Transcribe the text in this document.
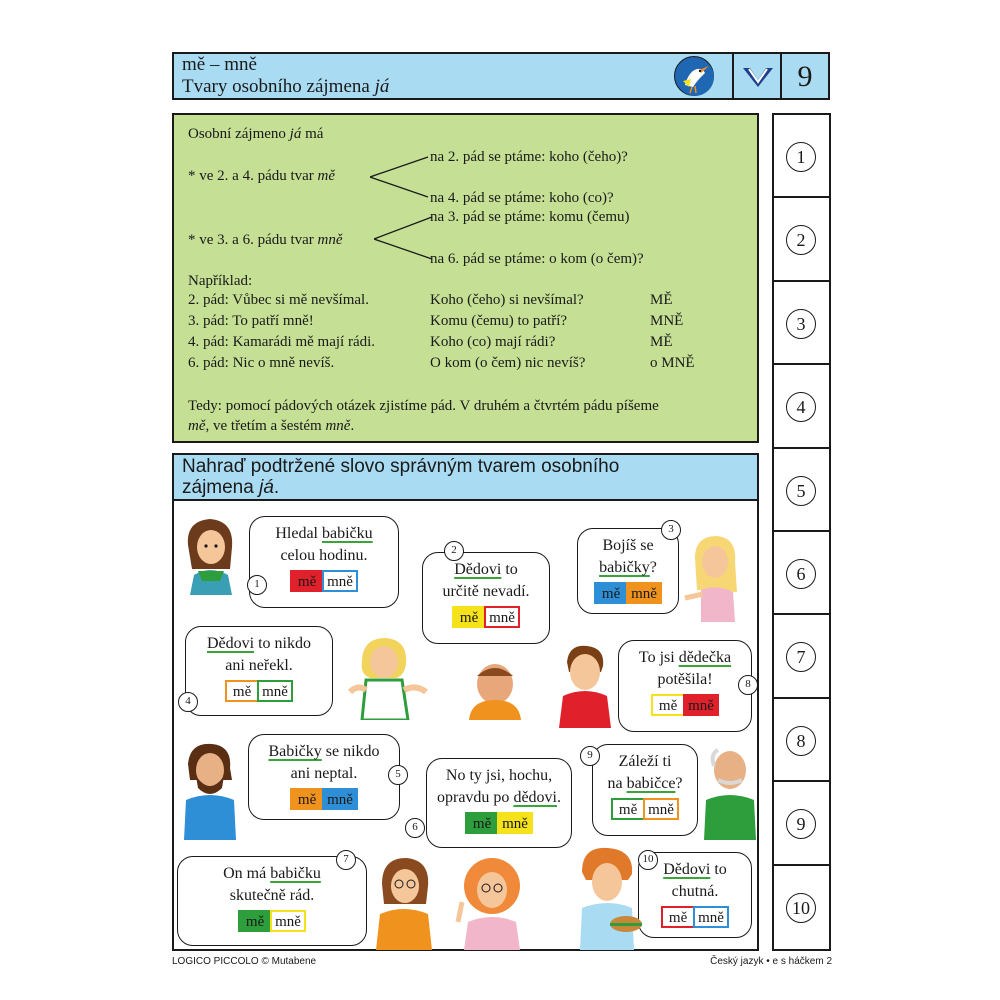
mě – mně
Tvary osobního zájmena já	9
1
2
3
4
5
6
7
8
9
10
Osobní zájmeno já má
* ve 2. a 4. pádu tvar mě
na 2. pád se ptáme: koho (čeho)?
na 4. pád se ptáme: koho (co)?
* ve 3. a 6. pádu tvar mně
na 3. pád se ptáme: komu (čemu)
na 6. pád se ptáme: o kom (o čem)?
Například:
2. pád: Vůbec si mě nevšímal.	Koho (čeho) si nevšímal?	MĚ
3. pád: To patří mně!	Komu (čemu) to patří?	MNĚ
4. pád: Kamarádi mě mají rádi.	Koho (co) mají rádi?	MĚ
6. pád: Nic o mně nevíš.	O kom (o čem) nic nevíš?	o MNĚ
Tedy: pomocí pádových otázek zjistíme pád. V druhém a čtvrtém pádu píšeme
mě, ve třetím a šestém mně.
Nahraď podtržené slovo správným tvarem osobního
zájmena já.
Hledal babičku
celou hodinu.
mě mně
1
Dědovi to
určitě nevadí.
mě mně
2	Bojíš se
babičky?
mě mně
3
Dědovi to nikdo
ani neřekl.
mě mně
4
Babičky se nikdo
ani neptal.
mě mně
5	No ty jsi, hochu,
opravdu po dědovi.
mě mně
6
On má babičku
skutečně rád.
mě mně
7
To jsi dědečka
potěšila!
mě mně
8
Záleží ti
na babičce?
mě mně
9
Dědovi to
chutná.
mě mně
10
LOGICO PICCOLO © Mutabene	Český jazyk • e s háčkem 2
